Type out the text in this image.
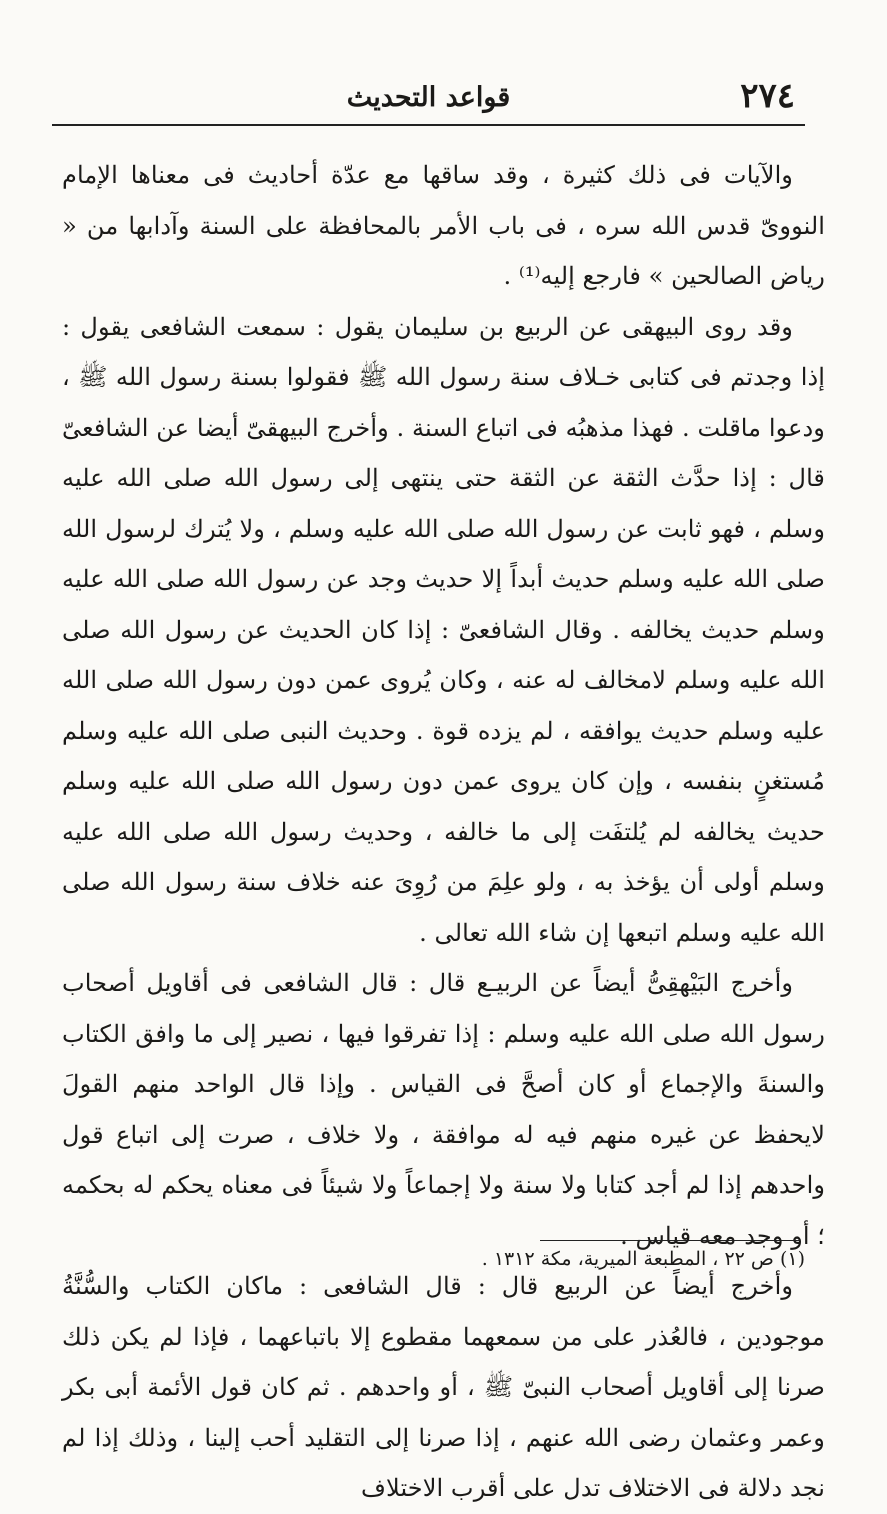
٢٧٤
قواعد التحديث

والآيات فى ذلك كثيرة ، وقد ساقها مع عدّة أحاديث فى معناها الإمام النووىّ قدس الله سره ، فى باب الأمر بالمحافظة على السنة وآدابها من « رياض الصالحين » فارجع إليه⁽¹⁾ .

وقد روى البيهقى عن الربيع بن سليمان يقول : سمعت الشافعى يقول : إذا وجدتم فى كتابى خـلاف سنة رسول الله ﷺ فقولوا بسنة رسول الله ﷺ ، ودعوا ماقلت . فهذا مذهبُه فى اتباع السنة . وأخرج البيهقىّ أيضا عن الشافعىّ قال : إذا حدَّث الثقة عن الثقة حتى ينتهى إلى رسول الله صلى الله عليه وسلم ، فهو ثابت عن رسول الله صلى الله عليه وسلم ، ولا يُترك لرسول الله صلى الله عليه وسلم حديث أبداً إلا حديث وجد عن رسول الله صلى الله عليه وسلم حديث يخالفه . وقال الشافعىّ : إذا كان الحديث عن رسول الله صلى الله عليه وسلم لامخالف له عنه ، وكان يُروى عمن دون رسول الله صلى الله عليه وسلم حديث يوافقه ، لم يزده قوة . وحديث النبى صلى الله عليه وسلم مُستغنٍ بنفسه ، وإن كان يروى عمن دون رسول الله صلى الله عليه وسلم حديث يخالفه لم يُلتفَت إلى ما خالفه ، وحديث رسول الله صلى الله عليه وسلم أولى أن يؤخذ به ، ولو علِمَ من رُوِىَ عنه خلاف سنة رسول الله صلى الله عليه وسلم اتبعها إن شاء الله تعالى .

وأخرج البَيْهقِىُّ أيضاً عن الربيـع قال : قال الشافعى فى أقاويل أصحاب رسول الله صلى الله عليه وسلم : إذا تفرقوا فيها ، نصير إلى ما وافق الكتاب والسنةَ والإجماع أو كان أصحَّ فى القياس . وإذا قال الواحد منهم القولَ لايحفظ عن غيره منهم فيه له موافقة ، ولا خلاف ، صرت إلى اتباع قول واحدهم إذا لم أجد كتابا ولا سنة ولا إجماعاً ولا شيئاً فى معناه يحكم له بحكمه ؛ أو وجد معه قياس .

وأخرج أيضاً عن الربيع قال : قال الشافعى : ماكان الكتاب والسُّنَّةُ موجودين ، فالعُذر على من سمعهما مقطوع إلا باتباعهما ، فإذا لم يكن ذلك صرنا إلى أقاويل أصحاب النبىّ ﷺ ، أو واحدهم . ثم كان قول الأئمة أبى بكر وعمر وعثمان رضى الله عنهم ، إذا صرنا إلى التقليد أحب إلينا ، وذلك إذا لم نجد دلالة فى الاختلاف تدل على أقرب الاختلاف

(١) ص ٢٢ ، المطبعة الميرية، مكة ١٣١٢ .
